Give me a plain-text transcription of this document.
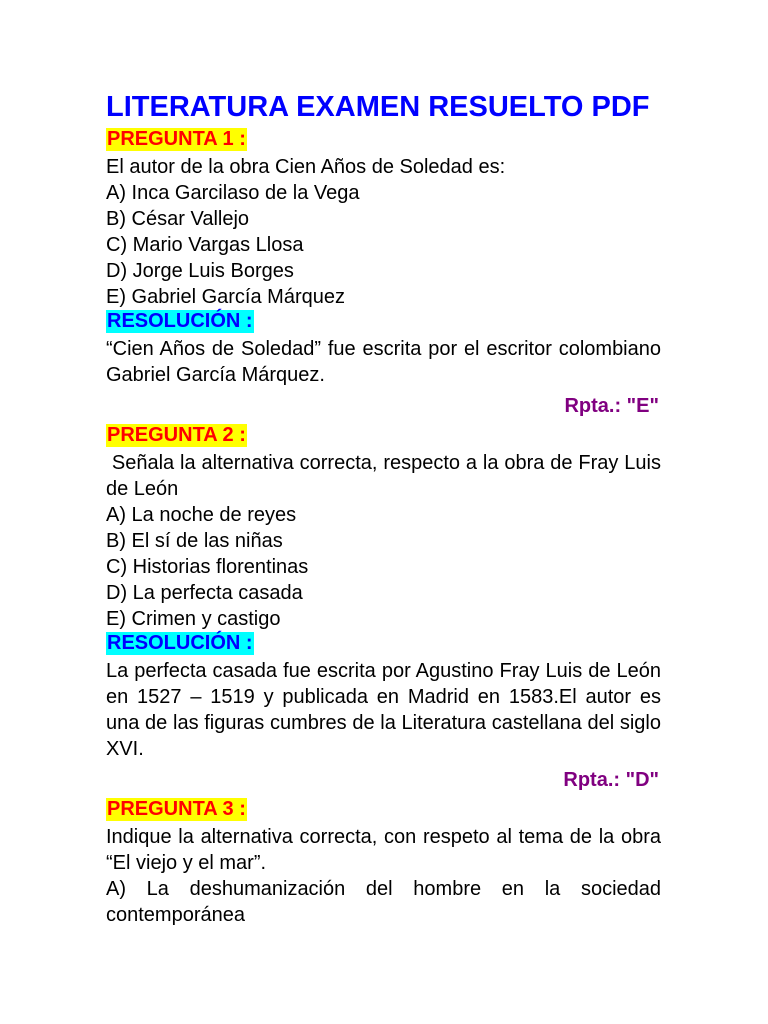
LITERATURA EXAMEN RESUELTO PDF
PREGUNTA 1 :
El autor de la obra Cien Años de Soledad es:
A) Inca Garcilaso de la Vega
B) César Vallejo
C) Mario Vargas Llosa
D) Jorge Luis Borges
E) Gabriel García Márquez
RESOLUCIÓN :

“Cien Años de Soledad” fue escrita por el escritor colombiano Gabriel García Márquez.

Rpta.: "E"
PREGUNTA 2 :

Señala la alternativa correcta, respecto a la obra de Fray Luis de León

A) La noche de reyes
B) El sí de las niñas
C) Historias florentinas
D) La perfecta casada
E) Crimen y castigo
RESOLUCIÓN :

La perfecta casada fue escrita por Agustino Fray Luis de León en 1527 – 1519 y publicada en Madrid en 1583.El autor es una de las figuras cumbres de la Literatura castellana del siglo XVI.

Rpta.: "D"
PREGUNTA 3 :

Indique la alternativa correcta, con respeto al tema de la obra “El viejo y el mar”.

A) La deshumanización del hombre en la sociedad contemporánea
